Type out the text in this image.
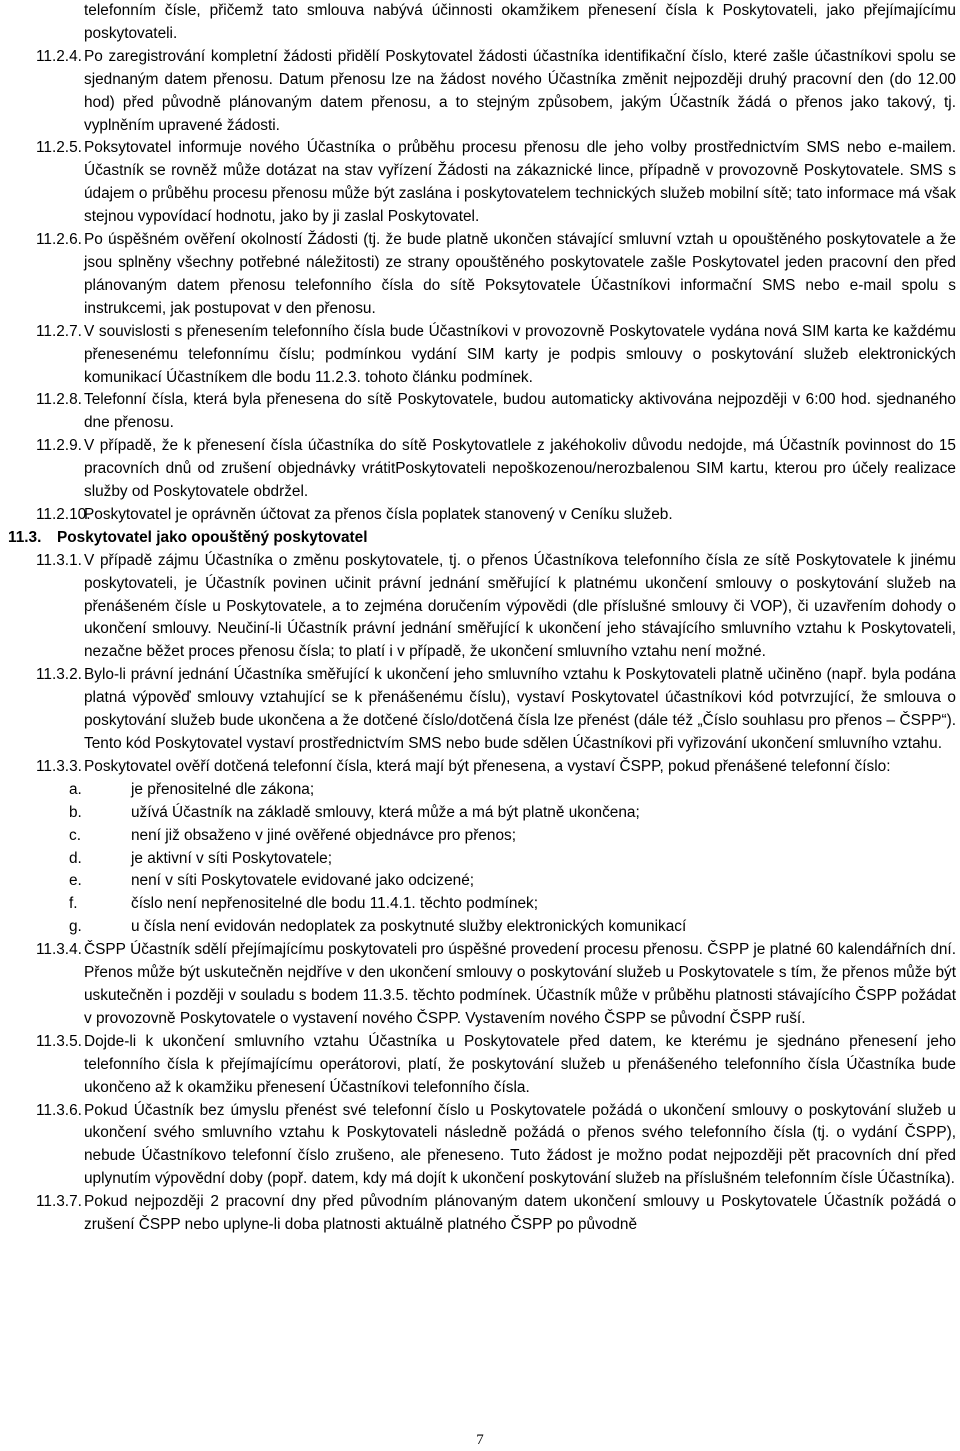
telefonním čísle, přičemž tato smlouva nabývá účinnosti okamžikem přenesení čísla k Poskytovateli, jako přejímajícímu poskytovateli.
11.2.4. Po zaregistrování kompletní žádosti přidělí Poskytovatel žádosti účastníka identifikační číslo, které zašle účastníkovi spolu se sjednaným datem přenosu. Datum přenosu lze na žádost nového Účastníka změnit nejpozději druhý pracovní den (do 12.00 hod) před původně plánovaným datem přenosu, a to stejným způsobem, jakým Účastník žádá o přenos jako takový, tj. vyplněním upravené žádosti.
11.2.5. Poksytovatel informuje nového Účastníka o průběhu procesu přenosu dle jeho volby prostřednictvím SMS nebo e-mailem. Účastník se rovněž může dotázat na stav vyřízení Žádosti na zákaznické lince, případně v provozovně Poskytovatele. SMS s údajem o průběhu procesu přenosu může být zaslána i poskytovatelem technických služeb mobilní sítě; tato informace má však stejnou vypovídací hodnotu, jako by ji zaslal Poskytovatel.
11.2.6. Po úspěšném ověření okolností Žádosti (tj. že bude platně ukončen stávající smluvní vztah u opouštěného poskytovatele a že jsou splněny všechny potřebné náležitosti) ze strany opouštěného poskytovatele zašle Poskytovatel jeden pracovní den před plánovaným datem přenosu telefonního čísla do sítě Poksytovatele Účastníkovi informační SMS nebo e-mail spolu s instrukcemi, jak postupovat v den přenosu.
11.2.7. V souvislosti s přenesením telefonního čísla bude Účastníkovi v provozovně Poskytovatele vydána nová SIM karta ke každému přenesenému telefonnímu číslu; podmínkou vydání SIM karty je podpis smlouvy o poskytování služeb elektronických komunikací Účastníkem dle bodu 11.2.3. tohoto článku podmínek.
11.2.8. Telefonní čísla, která byla přenesena do sítě Poskytovatele, budou automaticky aktivována nejpozději v 6:00 hod. sjednaného dne přenosu.
11.2.9. V případě, že k přenesení čísla účastníka do sítě Poskytovatlele z jakéhokoliv důvodu nedojde, má Účastník povinnost do 15 pracovních dnů od zrušení objednávky vrátitPoskytovateli nepoškozenou/nerozbalenou SIM kartu, kterou pro účely realizace služby od Poskytovatele obdržel.
11.2.10.
Poskytovatel je oprávněn účtovat za přenos čísla poplatek stanovený v Ceníku služeb.
11.3. Poskytovatel jako opouštěný poskytovatel
11.3.1. V případě zájmu Účastníka o změnu poskytovatele, tj. o přenos Účastníkova telefonního čísla ze sítě Poskytovatele k jinému poskytovateli, je Účastník povinen učinit právní jednání směřující k platnému ukončení smlouvy o poskytování služeb na přenášeném čísle u Poskytovatele, a to zejména doručením výpovědi (dle příslušné smlouvy či VOP), či uzavřením dohody o ukončení smlouvy. Neučiní-li Účastník právní jednání směřující k ukončení jeho stávajícího smluvního vztahu k Poskytovateli, nezačne běžet proces přenosu čísla; to platí i v případě, že ukončení smluvního vztahu není možné.
11.3.2. Bylo-li právní jednání Účastníka směřující k ukončení jeho smluvního vztahu k Poskytovateli platně učiněno (např. byla podána platná výpověď smlouvy vztahující se k přenášenému číslu), vystaví Poskytovatel účastníkovi kód potvrzující, že smlouva o poskytování služeb bude ukončena a že dotčené číslo/dotčená čísla lze přenést (dále též „Číslo souhlasu pro přenos – ČSPP“). Tento kód Poskytovatel vystaví prostřednictvím SMS nebo bude sdělen Účastníkovi při vyřizování ukončení smluvního vztahu.
11.3.3. Poskytovatel ověří dotčená telefonní čísla, která mají být přenesena, a vystaví ČSPP, pokud přenášené telefonní číslo:
a.	je přenositelné dle zákona;
b.	užívá Účastník na základě smlouvy, která může a má být platně ukončena;
c.	není již obsaženo v jiné ověřené objednávce pro přenos;
d.	je aktivní v síti Poskytovatele;
e.	není v síti Poskytovatele evidované jako odcizené;
f.	číslo není nepřenositelné dle bodu 11.4.1. těchto podmínek;
g.	u čísla není evidován nedoplatek za poskytnuté služby elektronických komunikací
11.3.4. ČSPP Účastník sdělí přejímajícímu poskytovateli pro úspěšné provedení procesu přenosu. ČSPP je platné 60 kalendářních dní. Přenos může být uskutečněn nejdříve v den ukončení smlouvy o poskytování služeb u Poskytovatele s tím, že přenos může být uskutečněn i později v souladu s bodem 11.3.5. těchto podmínek. Účastník může v průběhu platnosti stávajícího ČSPP požádat v provozovně Poskytovatele o vystavení nového ČSPP. Vystavením nového ČSPP se původní ČSPP ruší.
11.3.5. Dojde-li k ukončení smluvního vztahu Účastníka u Poskytovatele před datem, ke kterému je sjednáno přenesení jeho telefonního čísla k přejímajícímu operátorovi, platí, že poskytování služeb u přenášeného telefonního čísla Účastníka bude ukončeno až k okamžiku přenesení Účastníkovi telefonního čísla.
11.3.6. Pokud Účastník bez úmyslu přenést své telefonní číslo u Poskytovatele požádá o ukončení smlouvy o poskytování služeb u ukončení svého smluvního vztahu k Poskytovateli následně požádá o přenos svého telefonního čísla (tj. o vydání ČSPP), nebude Účastníkovo telefonní číslo zrušeno, ale přeneseno. Tuto žádost je možno podat nejpozději pět pracovních dní před uplynutím výpovědní doby (popř. datem, kdy má dojít k ukončení poskytování služeb na příslušném telefonním čísle Účastníka).
11.3.7. Pokud nejpozději 2 pracovní dny před původním plánovaným datem ukončení smlouvy u Poskytovatele Účastník požádá o zrušení ČSPP nebo uplyne-li doba platnosti aktuálně platného ČSPP po původně
7
